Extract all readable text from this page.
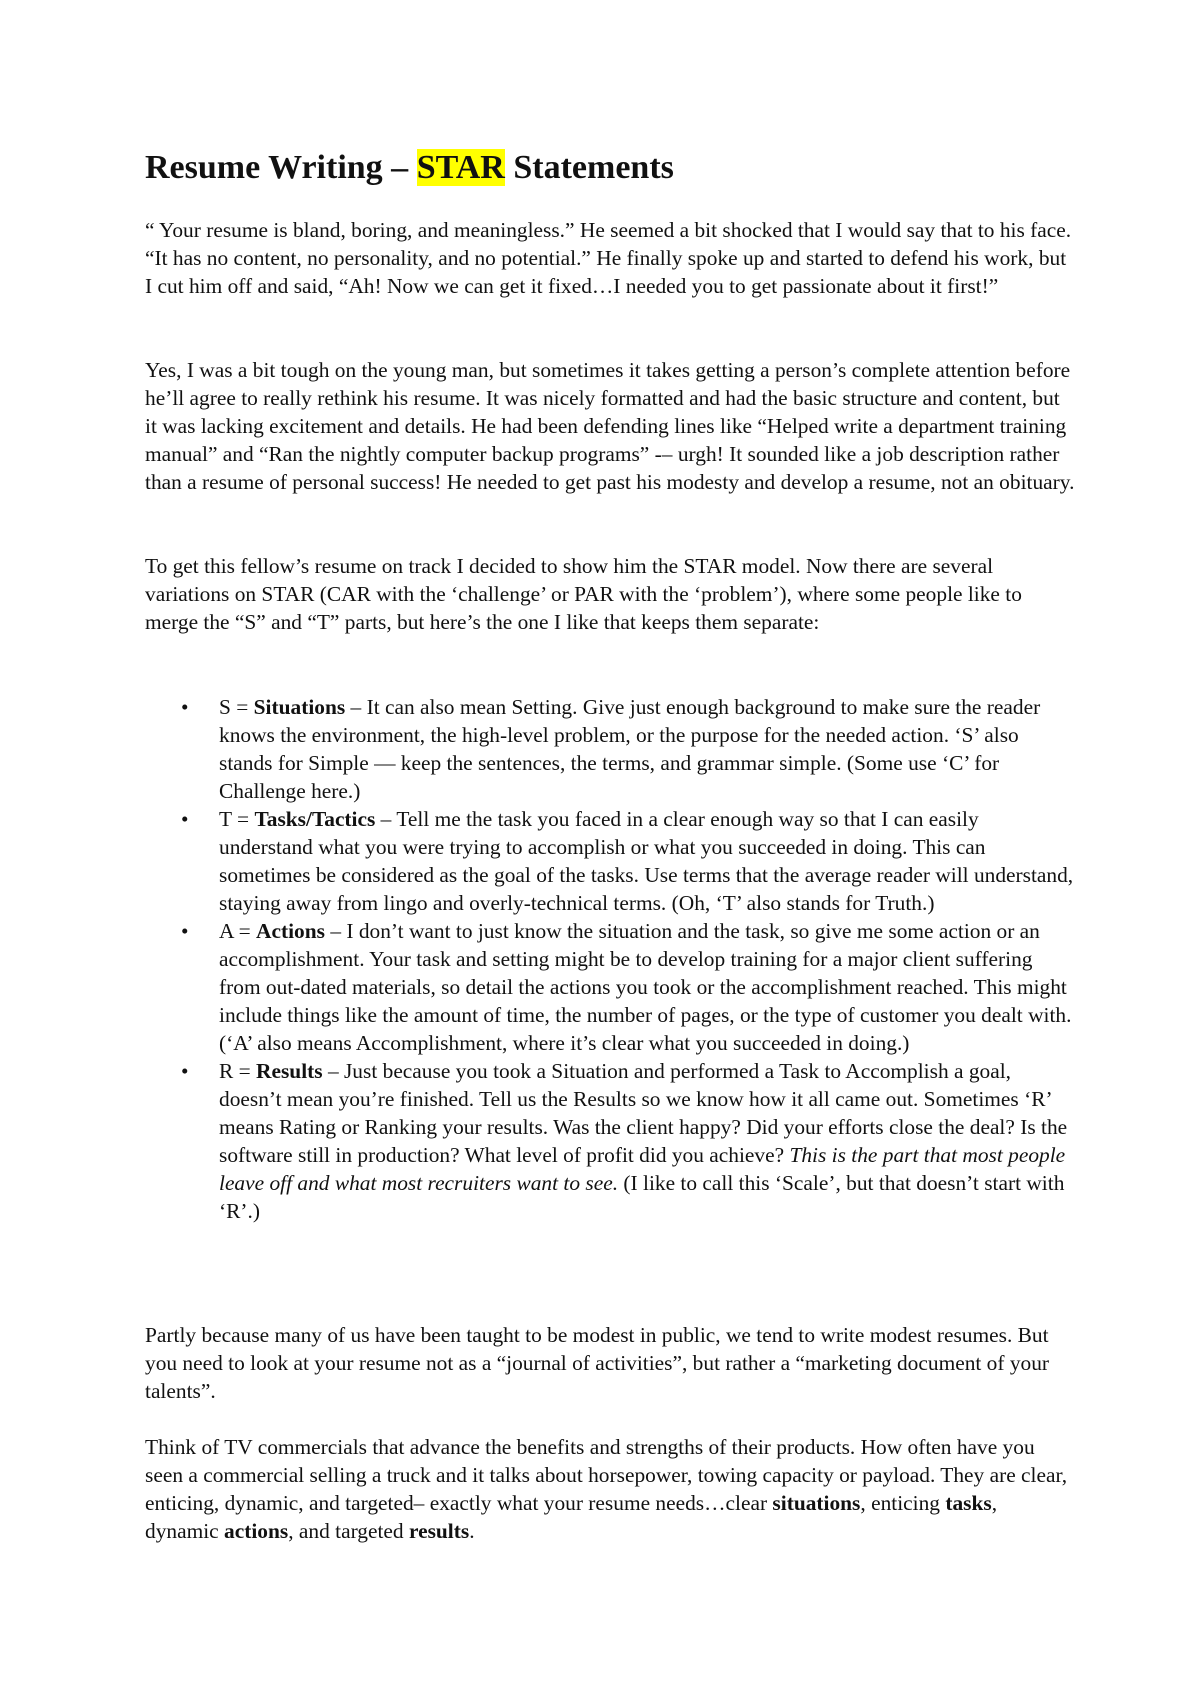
Resume Writing – STAR Statements

“ Your resume is bland, boring, and meaningless.” He seemed a bit shocked that I would say that to his face. “It has no content, no personality, and no potential.” He finally spoke up and started to defend his work, but I cut him off and said, “Ah! Now we can get it fixed…I needed you to get passionate about it first!”

Yes, I was a bit tough on the young man, but sometimes it takes getting a person’s complete attention before he’ll agree to really rethink his resume. It was nicely formatted and had the basic structure and content, but it was lacking excitement and details. He had been defending lines like “Helped write a department training manual” and “Ran the nightly computer backup programs” -– urgh! It sounded like a job description rather than a resume of personal success! He needed to get past his modesty and develop a resume, not an obituary.

To get this fellow’s resume on track I decided to show him the STAR model. Now there are several variations on STAR (CAR with the ‘challenge’ or PAR with the ‘problem’), where some people like to merge the “S” and “T” parts, but here’s the one I like that keeps them separate:

• S = Situations – It can also mean Setting. Give just enough background to make sure the reader knows the environment, the high-level problem, or the purpose for the needed action. ‘S’ also stands for Simple — keep the sentences, the terms, and grammar simple. (Some use ‘C’ for Challenge here.)
• T = Tasks/Tactics – Tell me the task you faced in a clear enough way so that I can easily understand what you were trying to accomplish or what you succeeded in doing. This can sometimes be considered as the goal of the tasks. Use terms that the average reader will understand, staying away from lingo and overly-technical terms. (Oh, ‘T’ also stands for Truth.)
• A = Actions – I don’t want to just know the situation and the task, so give me some action or an accomplishment. Your task and setting might be to develop training for a major client suffering from out-dated materials, so detail the actions you took or the accomplishment reached. This might include things like the amount of time, the number of pages, or the type of customer you dealt with. (‘A’ also means Accomplishment, where it’s clear what you succeeded in doing.)
• R = Results – Just because you took a Situation and performed a Task to Accomplish a goal, doesn’t mean you’re finished. Tell us the Results so we know how it all came out. Sometimes ‘R’ means Rating or Ranking your results. Was the client happy? Did your efforts close the deal? Is the software still in production? What level of profit did you achieve? This is the part that most people leave off and what most recruiters want to see. (I like to call this ‘Scale’, but that doesn’t start with ‘R’.)

Partly because many of us have been taught to be modest in public, we tend to write modest resumes. But you need to look at your resume not as a “journal of activities”, but rather a “marketing document of your talents”.

Think of TV commercials that advance the benefits and strengths of their products. How often have you seen a commercial selling a truck and it talks about horsepower, towing capacity or payload. They are clear, enticing, dynamic, and targeted– exactly what your resume needs…clear situations, enticing tasks, dynamic actions, and targeted results.
